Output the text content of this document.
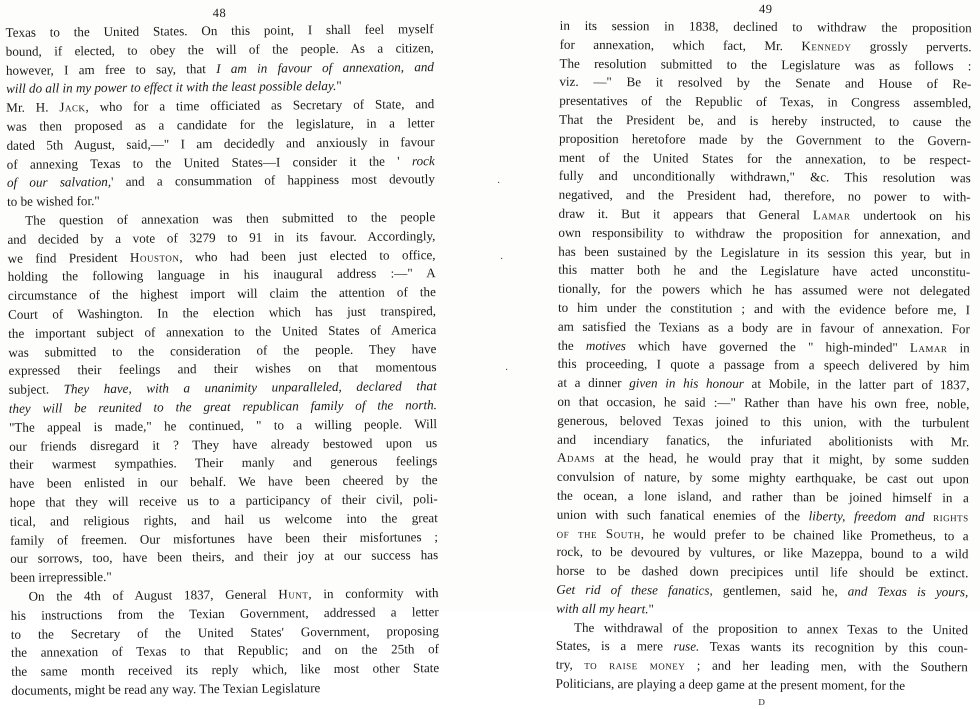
48
Texas to the United States. On this point, I shall feel myself
bound, if elected, to obey the will of the people. As a citizen,
however, I am free to say, that I am in favour of annexation, and
will do all in my power to effect it with the least possible delay."
Mr. H. Jack, who for a time officiated as Secretary of State, and
was then proposed as a candidate for the legislature, in a letter
dated 5th August, said,—" I am decidedly and anxiously in favour
of annexing Texas to the United States—I consider it the ' rock
of our salvation,' and a consummation of happiness most devoutly
to be wished for."
The question of annexation was then submitted to the people
and decided by a vote of 3279 to 91 in its favour. Accordingly,
we find President Houston, who had been just elected to office,
holding the following language in his inaugural address :—" A
circumstance of the highest import will claim the attention of the
Court of Washington. In the election which has just transpired,
the important subject of annexation to the United States of America
was submitted to the consideration of the people. They have
expressed their feelings and their wishes on that momentous
subject. They have, with a unanimity unparalleled, declared that
they will be reunited to the great republican family of the north.
"The appeal is made," he continued, " to a willing people. Will
our friends disregard it ? They have already bestowed upon us
their warmest sympathies. Their manly and generous feelings
have been enlisted in our behalf. We have been cheered by the
hope that they will receive us to a participancy of their civil, poli-
tical, and religious rights, and hail us welcome into the great
family of freemen. Our misfortunes have been their misfortunes ;
our sorrows, too, have been theirs, and their joy at our success has
been irrepressible."
On the 4th of August 1837, General Hunt, in conformity with
his instructions from the Texian Government, addressed a letter
to the Secretary of the United States' Government, proposing
the annexation of Texas to that Republic; and on the 25th of
the same month received its reply which, like most other State
documents, might be read any way. The Texian Legislature
·
·
·
49
in its session in 1838, declined to withdraw the proposition
for annexation, which fact, Mr. Kennedy grossly perverts.
The resolution submitted to the Legislature was as follows :
viz. —" Be it resolved by the Senate and House of Re-
presentatives of the Republic of Texas, in Congress assembled,
That the President be, and is hereby instructed, to cause the
proposition heretofore made by the Government to the Govern-
ment of the United States for the annexation, to be respect-
fully and unconditionally withdrawn," &c. This resolution was
negatived, and the President had, therefore, no power to with-
draw it. But it appears that General Lamar undertook on his
own responsibility to withdraw the proposition for annexation, and
has been sustained by the Legislature in its session this year, but in
this matter both he and the Legislature have acted unconstitu-
tionally, for the powers which he has assumed were not delegated
to him under the constitution ; and with the evidence before me, I
am satisfied the Texians as a body are in favour of annexation. For
the motives which have governed the " high-minded" Lamar in
this proceeding, I quote a passage from a speech delivered by him
at a dinner given in his honour at Mobile, in the latter part of 1837,
on that occasion, he said :—" Rather than have his own free, noble,
generous, beloved Texas joined to this union, with the turbulent
and incendiary fanatics, the infuriated abolitionists with Mr.
Adams at the head, he would pray that it might, by some sudden
convulsion of nature, by some mighty earthquake, be cast out upon
the ocean, a lone island, and rather than be joined himself in a
union with such fanatical enemies of the liberty, freedom and rights
of the South, he would prefer to be chained like Prometheus, to a
rock, to be devoured by vultures, or like Mazeppa, bound to a wild
horse to be dashed down precipices until life should be extinct.
Get rid of these fanatics, gentlemen, said he, and Texas is yours,
with all my heart."
The withdrawal of the proposition to annex Texas to the United
States, is a mere ruse. Texas wants its recognition by this coun-
try, to raise money ; and her leading men, with the Southern
Politicians, are playing a deep game at the present moment, for the
D
